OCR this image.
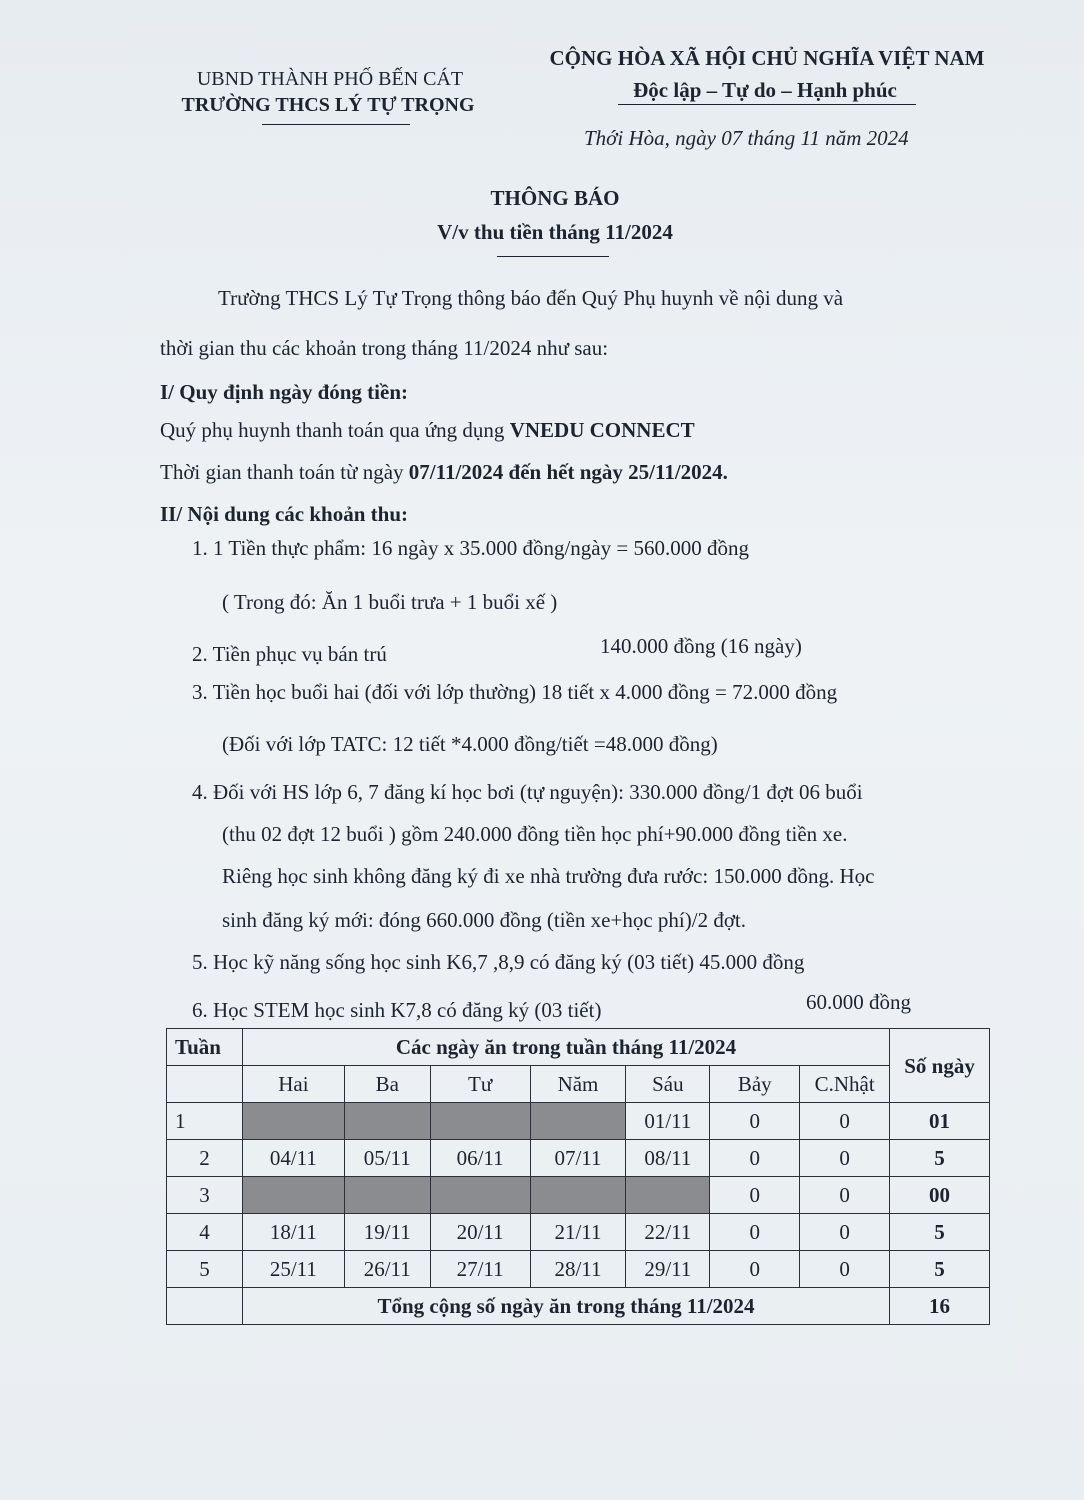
UBND THÀNH PHỐ BẾN CÁT
TRƯỜNG THCS LÝ TỰ TRỌNG
CỘNG HÒA XÃ HỘI CHỦ NGHĨA VIỆT NAM
Độc lập – Tự do – Hạnh phúc
Thới Hòa, ngày 07 tháng 11 năm 2024
THÔNG BÁO
V/v thu tiền tháng 11/2024
Trường THCS Lý Tự Trọng thông báo đến Quý Phụ huynh về nội dung và
thời gian thu các khoản trong tháng 11/2024 như sau:
I/ Quy định ngày đóng tiền:
Quý phụ huynh thanh toán qua ứng dụng VNEDU CONNECT
Thời gian thanh toán từ ngày 07/11/2024 đến hết ngày 25/11/2024.
II/ Nội dung các khoản thu:
1. 1 Tiền thực phẩm: 16 ngày x 35.000 đồng/ngày = 560.000 đồng
( Trong đó: Ăn 1 buổi trưa + 1 buổi xế )
2. Tiền phục vụ bán trú	140.000 đồng (16 ngày)
3. Tiền học buổi hai (đối với lớp thường) 18 tiết x 4.000 đồng = 72.000 đồng
(Đối với lớp TATC: 12 tiết *4.000 đồng/tiết =48.000 đồng)
4. Đối với HS lớp 6, 7 đăng kí học bơi (tự nguyện): 330.000 đồng/1 đợt 06 buổi
(thu 02 đợt 12 buổi ) gồm 240.000 đồng tiền học phí+90.000 đồng tiền xe.
Riêng học sinh không đăng ký đi xe nhà trường đưa rước: 150.000 đồng. Học
sinh đăng ký mới: đóng 660.000 đồng (tiền xe+học phí)/2 đợt.
5. Học kỹ năng sống học sinh K6,7 ,8,9 có đăng ký (03 tiết) 45.000 đồng
6. Học STEM học sinh K7,8 có đăng ký (03 tiết)	60.000 đồng
Tuần	Các ngày ăn trong tuần tháng 11/2024							Số ngày
	Hai	Ba	Tư	Năm	Sáu	Bảy	C.Nhật	
1					01/11	0	0	01
2	04/11	05/11	06/11	07/11	08/11	0	0	5
3						0	0	00
4	18/11	19/11	20/11	21/11	22/11	0	0	5
5	25/11	26/11	27/11	28/11	29/11	0	0	5
	Tổng cộng số ngày ăn trong tháng 11/2024							16
